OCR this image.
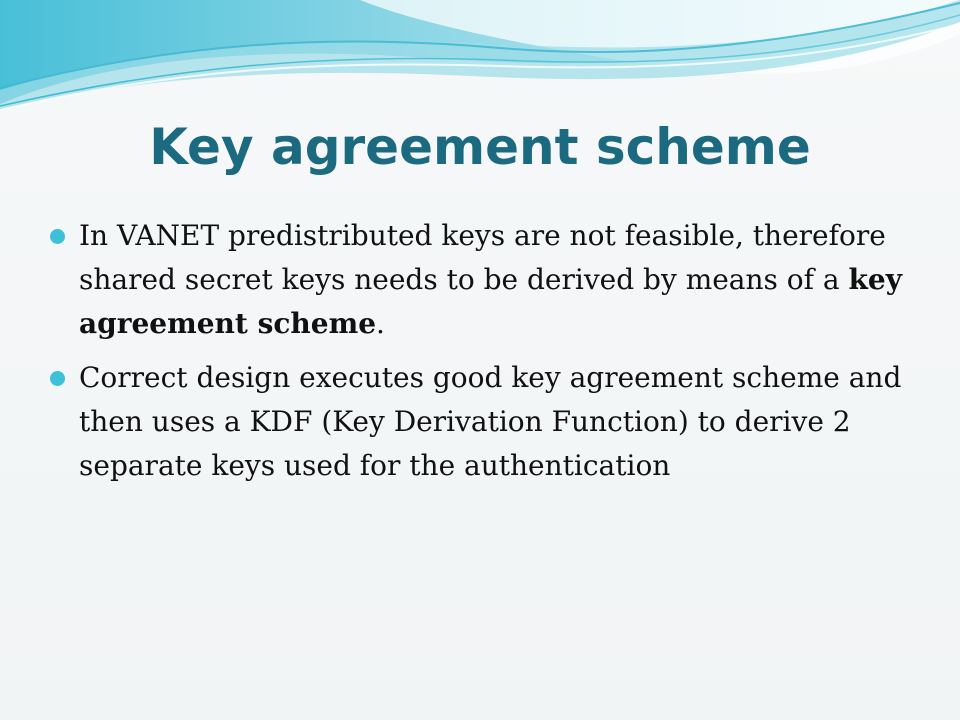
Key agreement scheme
In VANET predistributed keys are not feasible, therefore shared secret keys needs to be derived by means of a key agreement scheme.
Correct design executes good key agreement scheme and then uses a KDF (Key Derivation Function) to derive 2 separate keys used for the authentication
